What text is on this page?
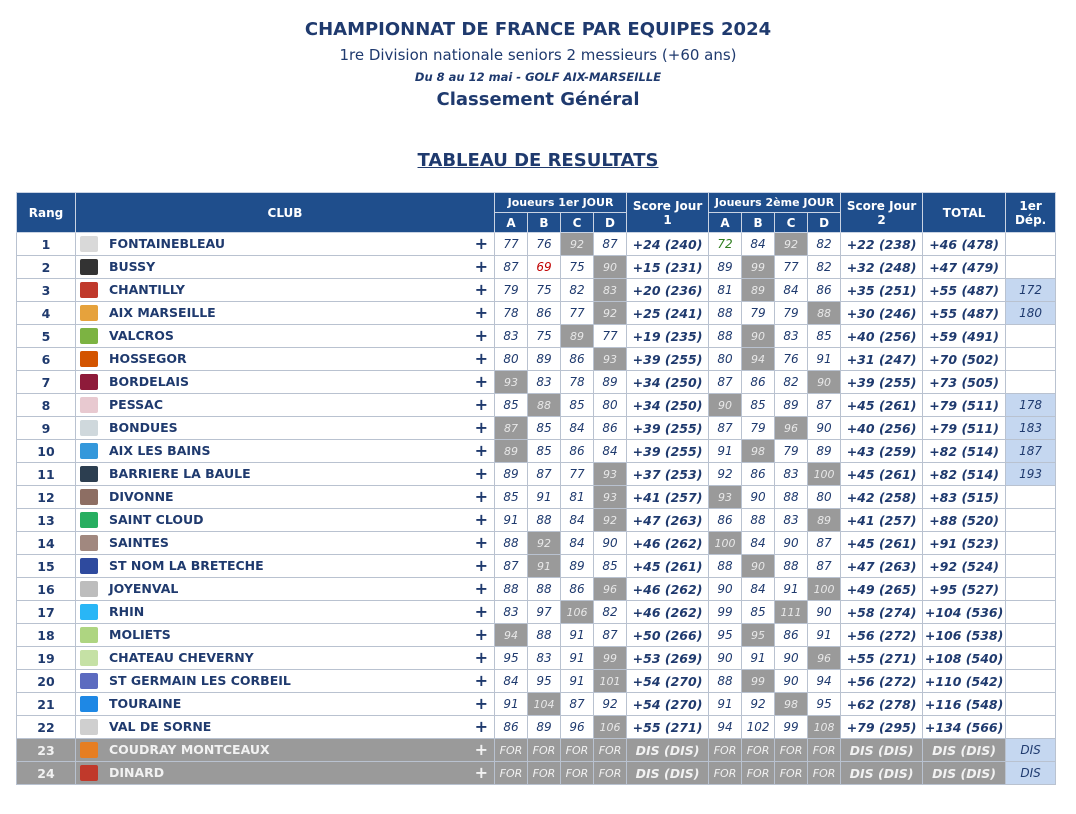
CHAMPIONNAT DE FRANCE PAR EQUIPES 2024
1re Division nationale seniors 2 messieurs (+60 ans)
Du 8 au 12 mai - GOLF AIX-MARSEILLE
Classement Général
TABLEAU DE RESULTATS
Rang	CLUB	Joueurs 1er JOUR				Score Jour 1	Joueurs 2ème JOUR				Score Jour 2	TOTAL	1er Dép.
		A	B	C	D		A	B	C	D			
1	FONTAINEBLEAU +	77	76	92	87	+24 (240)	72	84	92	82	+22 (238)	+46 (478)	
2	BUSSY +	87	69	75	90	+15 (231)	89	99	77	82	+32 (248)	+47 (479)	
3	CHANTILLY +	79	75	82	83	+20 (236)	81	89	84	86	+35 (251)	+55 (487)	172
4	AIX MARSEILLE +	78	86	77	92	+25 (241)	88	79	79	88	+30 (246)	+55 (487)	180
5	VALCROS +	83	75	89	77	+19 (235)	88	90	83	85	+40 (256)	+59 (491)	
6	HOSSEGOR +	80	89	86	93	+39 (255)	80	94	76	91	+31 (247)	+70 (502)	
7	BORDELAIS +	93	83	78	89	+34 (250)	87	86	82	90	+39 (255)	+73 (505)	
8	PESSAC +	85	88	85	80	+34 (250)	90	85	89	87	+45 (261)	+79 (511)	178
9	BONDUES +	87	85	84	86	+39 (255)	87	79	96	90	+40 (256)	+79 (511)	183
10	AIX LES BAINS +	89	85	86	84	+39 (255)	91	98	79	89	+43 (259)	+82 (514)	187
11	BARRIERE LA BAULE +	89	87	77	93	+37 (253)	92	86	83	100	+45 (261)	+82 (514)	193
12	DIVONNE +	85	91	81	93	+41 (257)	93	90	88	80	+42 (258)	+83 (515)	
13	SAINT CLOUD +	91	88	84	92	+47 (263)	86	88	83	89	+41 (257)	+88 (520)	
14	SAINTES +	88	92	84	90	+46 (262)	100	84	90	87	+45 (261)	+91 (523)	
15	ST NOM LA BRETECHE +	87	91	89	85	+45 (261)	88	90	88	87	+47 (263)	+92 (524)	
16	JOYENVAL +	88	88	86	96	+46 (262)	90	84	91	100	+49 (265)	+95 (527)	
17	RHIN +	83	97	106	82	+46 (262)	99	85	111	90	+58 (274)	+104 (536)	
18	MOLIETS +	94	88	91	87	+50 (266)	95	95	86	91	+56 (272)	+106 (538)	
19	CHATEAU CHEVERNY +	95	83	91	99	+53 (269)	90	91	90	96	+55 (271)	+108 (540)	
20	ST GERMAIN LES CORBEIL +	84	95	91	101	+54 (270)	88	99	90	94	+56 (272)	+110 (542)	
21	TOURAINE +	91	104	87	92	+54 (270)	91	92	98	95	+62 (278)	+116 (548)	
22	VAL DE SORNE +	86	89	96	106	+55 (271)	94	102	99	108	+79 (295)	+134 (566)	
23	COUDRAY MONTCEAUX +	FOR	FOR	FOR	FOR	DIS (DIS)	FOR	FOR	FOR	FOR	DIS (DIS)	DIS (DIS)	DIS
24	DINARD +	FOR	FOR	FOR	FOR	DIS (DIS)	FOR	FOR	FOR	FOR	DIS (DIS)	DIS (DIS)	DIS
